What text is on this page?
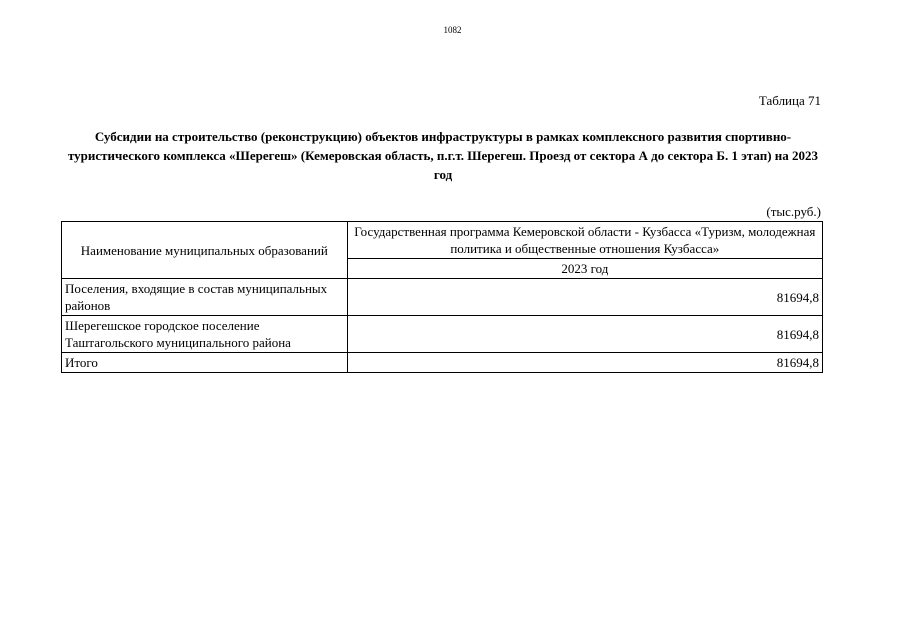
1082
Таблица 71
Субсидии на строительство (реконструкцию) объектов инфраструктуры в рамках комплексного развития спортивно-туристического комплекса «Шерегеш» (Кемеровская область, п.г.т. Шерегеш. Проезд от сектора А до сектора Б. 1 этап) на 2023 год
(тыс.руб.)
Наименование муниципальных образований	Государственная программа Кемеровской области - Кузбасса «Туризм, молодежная политика и общественные отношения Кузбасса»
	2023 год
Поселения, входящие в состав муниципальных районов	81694,8
Шерегешское городское поселение Таштагольского муниципального района	81694,8
Итого	81694,8
